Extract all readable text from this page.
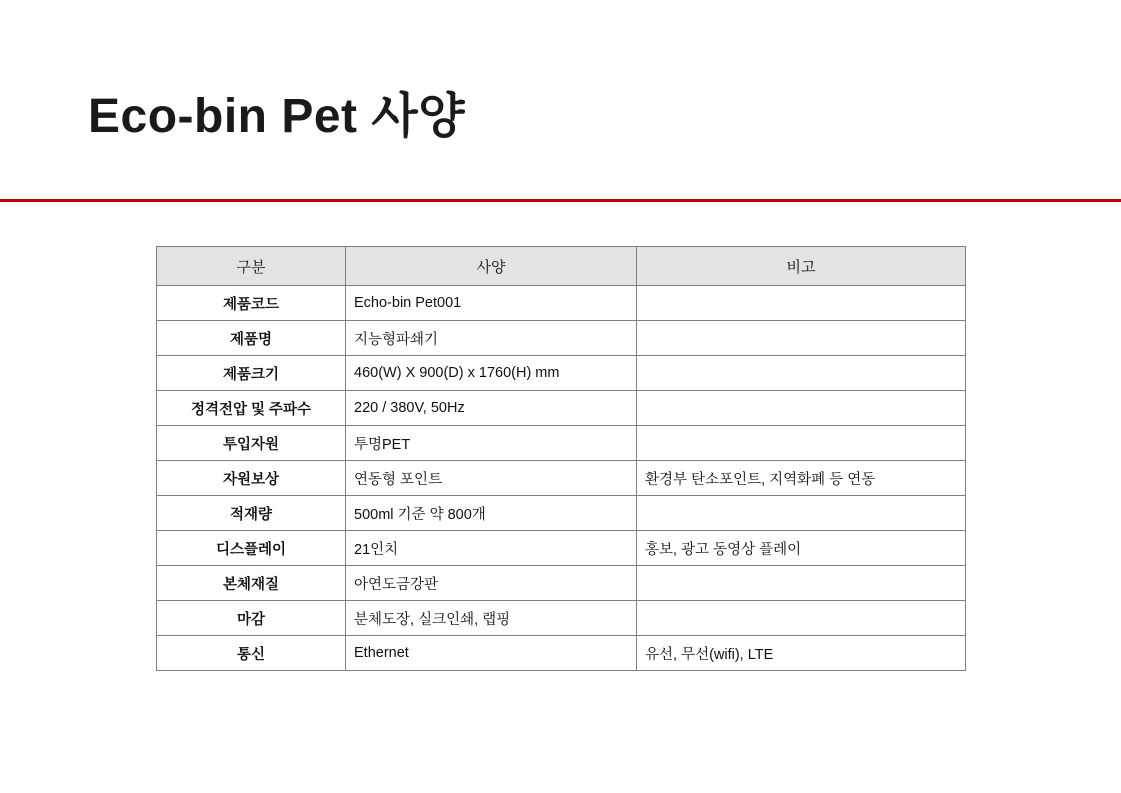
Eco-bin Pet 사양
구분	사양	비고
제품코드	Echo-bin Pet001	
제품명	지능형파쇄기	
제품크기	460(W) X 900(D) x 1760(H) mm	
정격전압 및 주파수	220 / 380V, 50Hz	
투입자원	투명PET	
자원보상	연동형 포인트	환경부 탄소포인트, 지역화폐 등 연동
적재량	500ml 기준 약 800개	
디스플레이	21인치	홍보, 광고 동영상 플레이
본체재질	아연도금강판	
마감	분체도장, 실크인쇄, 랩핑	
통신	Ethernet	유선, 무선(wifi), LTE
